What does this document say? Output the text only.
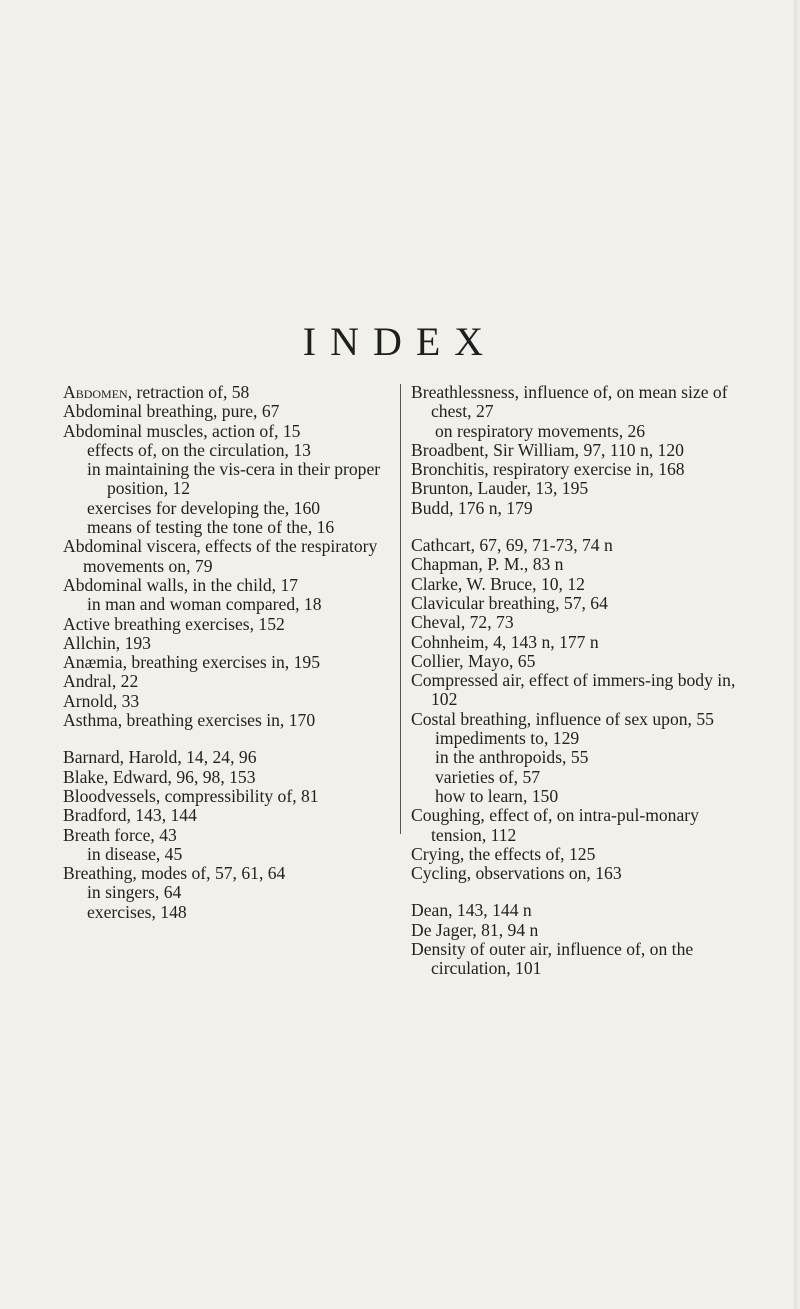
INDEX

Abdomen, retraction of, 58

Abdominal breathing, pure, 67

Abdominal muscles, action of, 15

effects of, on the circulation, 13

in maintaining the vis-cera in their proper position, 12

exercises for developing the, 160

means of testing the tone of the, 16

Abdominal viscera, effects of the respiratory movements on, 79

Abdominal walls, in the child, 17

in man and woman compared, 18

Active breathing exercises, 152

Allchin, 193

Anæmia, breathing exercises in, 195

Andral, 22

Arnold, 33

Asthma, breathing exercises in, 170

Barnard, Harold, 14, 24, 96

Blake, Edward, 96, 98, 153

Bloodvessels, compressibility of, 81

Bradford, 143, 144

Breath force, 43

in disease, 45

Breathing, modes of, 57, 61, 64

in singers, 64

exercises, 148

Breathlessness, influence of, on mean size of chest, 27

on respiratory movements, 26

Broadbent, Sir William, 97, 110 n, 120

Bronchitis, respiratory exercise in, 168

Brunton, Lauder, 13, 195

Budd, 176 n, 179

Cathcart, 67, 69, 71-73, 74 n

Chapman, P. M., 83 n

Clarke, W. Bruce, 10, 12

Clavicular breathing, 57, 64

Cheval, 72, 73

Cohnheim, 4, 143 n, 177 n

Collier, Mayo, 65

Compressed air, effect of immers-ing body in, 102

Costal breathing, influence of sex upon, 55

impediments to, 129

in the anthropoids, 55

varieties of, 57

how to learn, 150

Coughing, effect of, on intra-pul-monary tension, 112

Crying, the effects of, 125

Cycling, observations on, 163

Dean, 143, 144 n

De Jager, 81, 94 n

Density of outer air, influence of, on the circulation, 101
